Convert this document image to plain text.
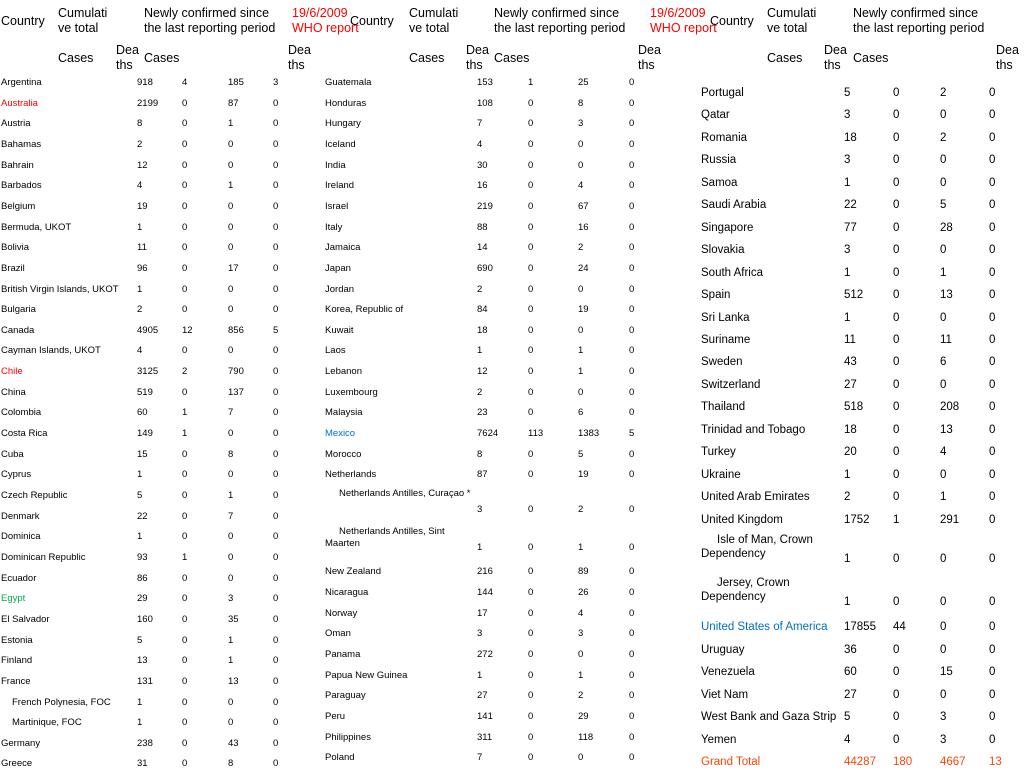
Country
Cumulati
ve total
Newly confirmed since
the last reporting period
19/6/2009
WHO report
Cases
Dea
ths Cases
Dea
ths
Country
Cumulati
ve total
Newly confirmed since
the last reporting period
19/6/2009
WHO report
Cases
Dea
ths Cases
Dea
ths
Country
Cumulati
ve total
Newly confirmed since
the last reporting period
Cases
Dea
ths Cases
Dea
ths
Argentina	918	4	185	3
Australia	2199	0	87	0
Austria	8	0	1	0
Bahamas	2	0	0	0
Bahrain	12	0	0	0
Barbados	4	0	1	0
Belgium	19	0	0	0
Bermuda, UKOT	1	0	0	0
Bolivia	11	0	0	0
Brazil	96	0	17	0
British Virgin Islands, UKOT 1	0	0	0
Bulgaria	2	0	0	0
Canada	4905	12	856	5
Cayman Islands, UKOT	4	0	0	0
Chile	3125	2	790	0
China	519	0	137	0
Colombia	60	1	7	0
Costa Rica	149	1	0	0
Cuba	15	0	8	0
Cyprus	1	0	0	0
Czech Republic	5	0	1	0
Denmark	22	0	7	0
Dominica	1	0	0	0
Dominican Republic	93	1	0	0
Ecuador	86	0	0	0
Egypt	29	0	3	0
El Salvador	160	0	35	0
Estonia	5	0	1	0
Finland	13	0	1	0
France	131	0	13	0
French Polynesia, FOC	1	0	0	0
Martinique, FOC	1	0	0	0
Germany	238	0	43	0
Greece	31	0	8	0
Guatemala	153	1	25	0
Honduras	108	0	8	0
Hungary	7	0	3	0
Iceland	4	0	0	0
India	30	0	0	0
Ireland	16	0	4	0
Israel	219	0	67	0
Italy	88	0	16	0
Jamaica	14	0	2	0
Japan	690	0	24	0
Jordan	2	0	0	0
Korea, Republic of	84	0	19	0
Kuwait	18	0	0	0
Laos	1	0	1	0
Lebanon	12	0	1	0
Luxembourg	2	0	0	0
Malaysia	23	0	6	0
Mexico	7624	113	1383	5
Morocco	8	0	5	0
Netherlands	87	0	19	0
Netherlands Antilles, Curaçao *
3	0	2	0
Netherlands Antilles, Sint Maarten	1	0	1	0
New Zealand	216	0	89	0
Nicaragua	144	0	26	0
Norway	17	0	4	0
Oman	3	0	3	0
Panama	272	0	0	0
Papua New Guinea	1	0	1	0
Paraguay	27	0	2	0
Peru	141	0	29	0
Philippines	311	0	118	0
Poland	7	0	0	0
Portugal	5	0	2	0
Qatar	3	0	0	0
Romania	18	0	2	0
Russia	3	0	0	0
Samoa	1	0	0	0
Saudi Arabia	22	0	5	0
Singapore	77	0	28	0
Slovakia	3	0	0	0
South Africa	1	0	1	0
Spain	512	0	13	0
Sri Lanka	1	0	0	0
Suriname	11	0	11	0
Sweden	43	0	6	0
Switzerland	27	0	0	0
Thailand	518	0	208	0
Trinidad and Tobago	18	0	13	0
Turkey	20	0	4	0
Ukraine	1	0	0	0
United Arab Emirates	2	0	1	0
United Kingdom	1752 1	291	0
Isle of Man, Crown Dependency	1	0	0	0
Jersey, Crown Dependency	1	0	0	0
United States of America 17855 44	0	0
Uruguay	36	0	0	0
Venezuela	60	0	15	0
Viet Nam	27	0	0	0
West Bank and Gaza Strip 5	0	3	0
Yemen	4	0	3	0
Grand Total	44287 180 4667 13
